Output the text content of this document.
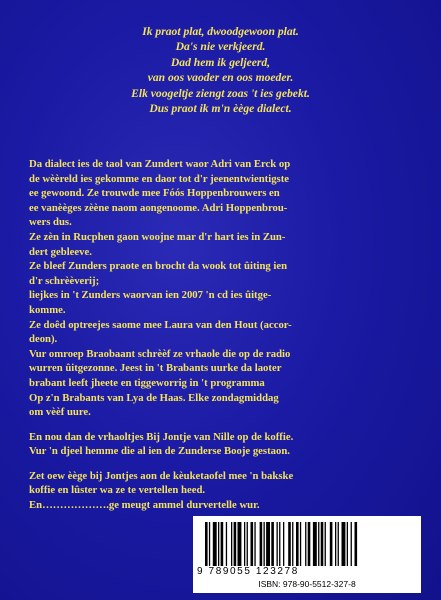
Ik praot plat, dwoodgewoon plat.
Da's nie verkjeerd.
Dad hem ik geljeerd,
van oos vaoder en oos moeder.
Elk voogeltje ziengt zoas 't ies gebekt.
Dus praot ik m'n èège dialect.
Da dialect ies de taol van Zundert waor Adri van Erck op
de wèèreld ies gekomme en daor tot d'r jeenentwientigste
ee gewoond. Ze trouwde mee Fóós Hoppenbrouwers en
ee vanèèges zèène naom aongenoome. Adri Hoppenbrou-
wers dus.
Ze zèn in Rucphen gaon woojne mar d'r hart ies in Zun-
dert gebleeve.
Ze bleef Zunders praote en brocht da wook tot ûiting ien
d'r schrèèverij;
liejkes in 't Zunders waorvan ien 2007 'n cd ies ûitge-
komme.
Ze doêd optreejes saome mee Laura van den Hout (accor-
deon).
Vur omroep Braobaant schrèèf ze vrhaole die op de radio
wurren ûitgezonne. Jeest in 't Brabants uurke da laoter
brabant leeft jheete en tiggeworrig in 't programma
Op z'n Brabants van Lya de Haas. Elke zondagmiddag
om vèèf uure.
En nou dan de vrhaoltjes Bij Jontje van Nille op de koffie.
Vur 'n djeel hemme die al ien de Zunderse Booje gestaon.
Zet oew èège bij Jontjes aon de kèuketaofel mee 'n bakske
koffie en lûster wa ze te vertellen heed.
En……………….ge meugt ammel durvertelle wur.
9 789055 123278
ISBN: 978-90-5512-327-8
